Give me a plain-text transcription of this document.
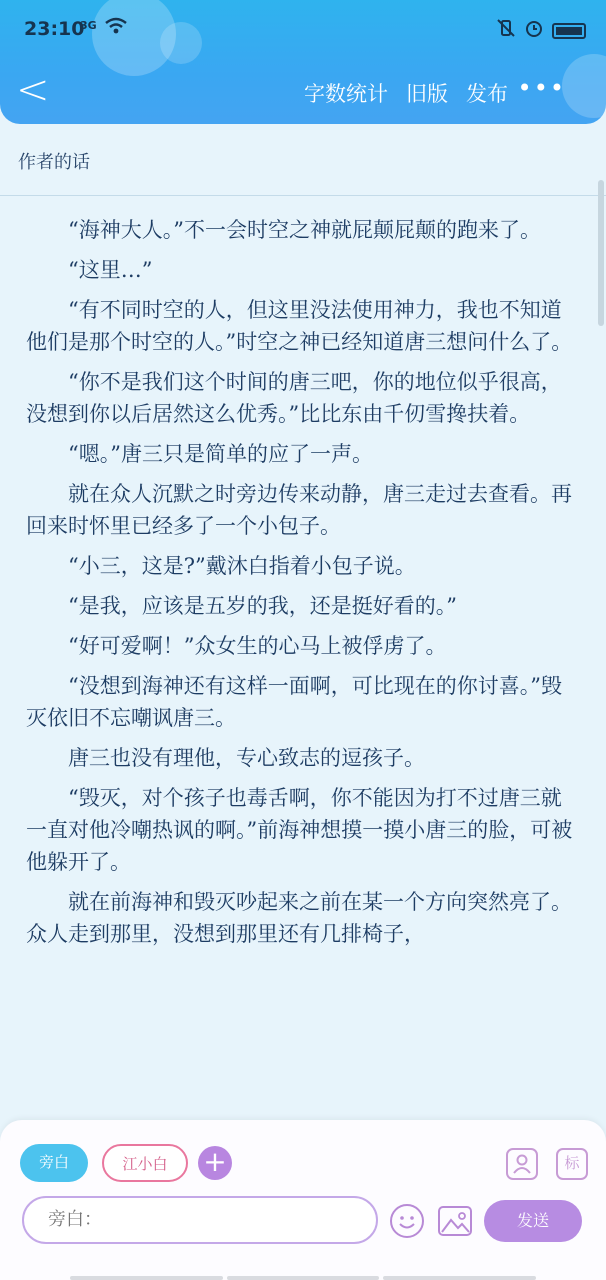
23:10
3G
<	字数统计 旧版 发布 •••
作者的话

“海神大人。”不一会时空之神就屁颠屁颠的跑来了。

“这里…”

“有不同时空的人，但这里没法使用神力，我也不知道他们是那个时空的人。”时空之神已经知道唐三想问什么了。

“你不是我们这个时间的唐三吧，你的地位似乎很高，没想到你以后居然这么优秀。”比比东由千仞雪搀扶着。

“嗯。”唐三只是简单的应了一声。

就在众人沉默之时旁边传来动静，唐三走过去查看。再回来时怀里已经多了一个小包子。

“小三，这是?”戴沐白指着小包子说。

“是我，应该是五岁的我，还是挺好看的。”

“好可爱啊！”众女生的心马上被俘虏了。

“没想到海神还有这样一面啊，可比现在的你讨喜。”毁灭依旧不忘嘲讽唐三。

唐三也没有理他，专心致志的逗孩子。

“毁灭，对个孩子也毒舌啊，你不能因为打不过唐三就一直对他冷嘲热讽的啊。”前海神想摸一摸小唐三的脸，可被他躲开了。

就在前海神和毁灭吵起来之前在某一个方向突然亮了。众人走到那里，没想到那里还有几排椅子，

旁白	江小白	+	标
旁白：
发送
